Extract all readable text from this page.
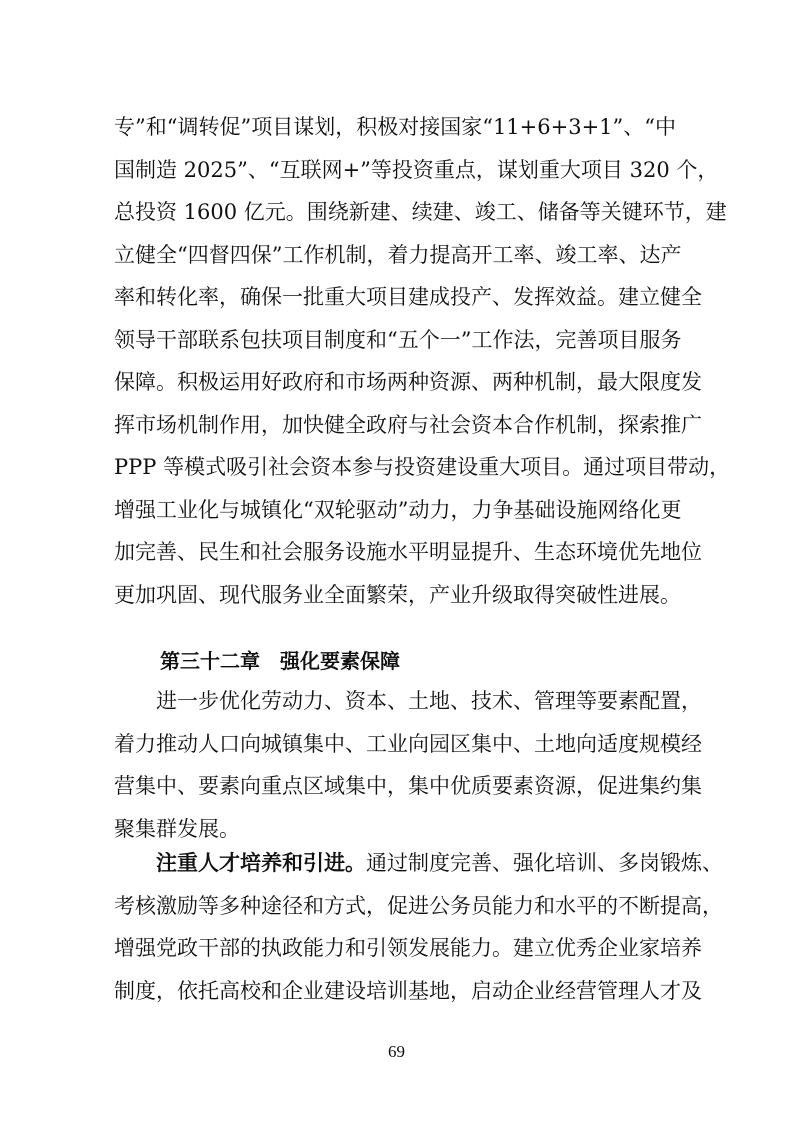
专”和“调转促”项目谋划，积极对接国家“11+6+3+1”、“中
国制造 2025”、“互联网+”等投资重点，谋划重大项目 320 个，
总投资 1600 亿元。围绕新建、续建、竣工、储备等关键环节，建
立健全“四督四保”工作机制，着力提高开工率、竣工率、达产
率和转化率，确保一批重大项目建成投产、发挥效益。建立健全
领导干部联系包扶项目制度和“五个一”工作法，完善项目服务
保障。积极运用好政府和市场两种资源、两种机制，最大限度发
挥市场机制作用，加快健全政府与社会资本合作机制，探索推广
PPP 等模式吸引社会资本参与投资建设重大项目。通过项目带动，
增强工业化与城镇化“双轮驱动”动力，力争基础设施网络化更
加完善、民生和社会服务设施水平明显提升、生态环境优先地位
更加巩固、现代服务业全面繁荣，产业升级取得突破性进展。
第三十二章 强化要素保障
　　进一步优化劳动力、资本、土地、技术、管理等要素配置，
着力推动人口向城镇集中、工业向园区集中、土地向适度规模经
营集中、要素向重点区域集中，集中优质要素资源，促进集约集
聚集群发展。
　　注重人才培养和引进。通过制度完善、强化培训、多岗锻炼、
考核激励等多种途径和方式，促进公务员能力和水平的不断提高，
增强党政干部的执政能力和引领发展能力。建立优秀企业家培养
制度，依托高校和企业建设培训基地，启动企业经营管理人才及
69
